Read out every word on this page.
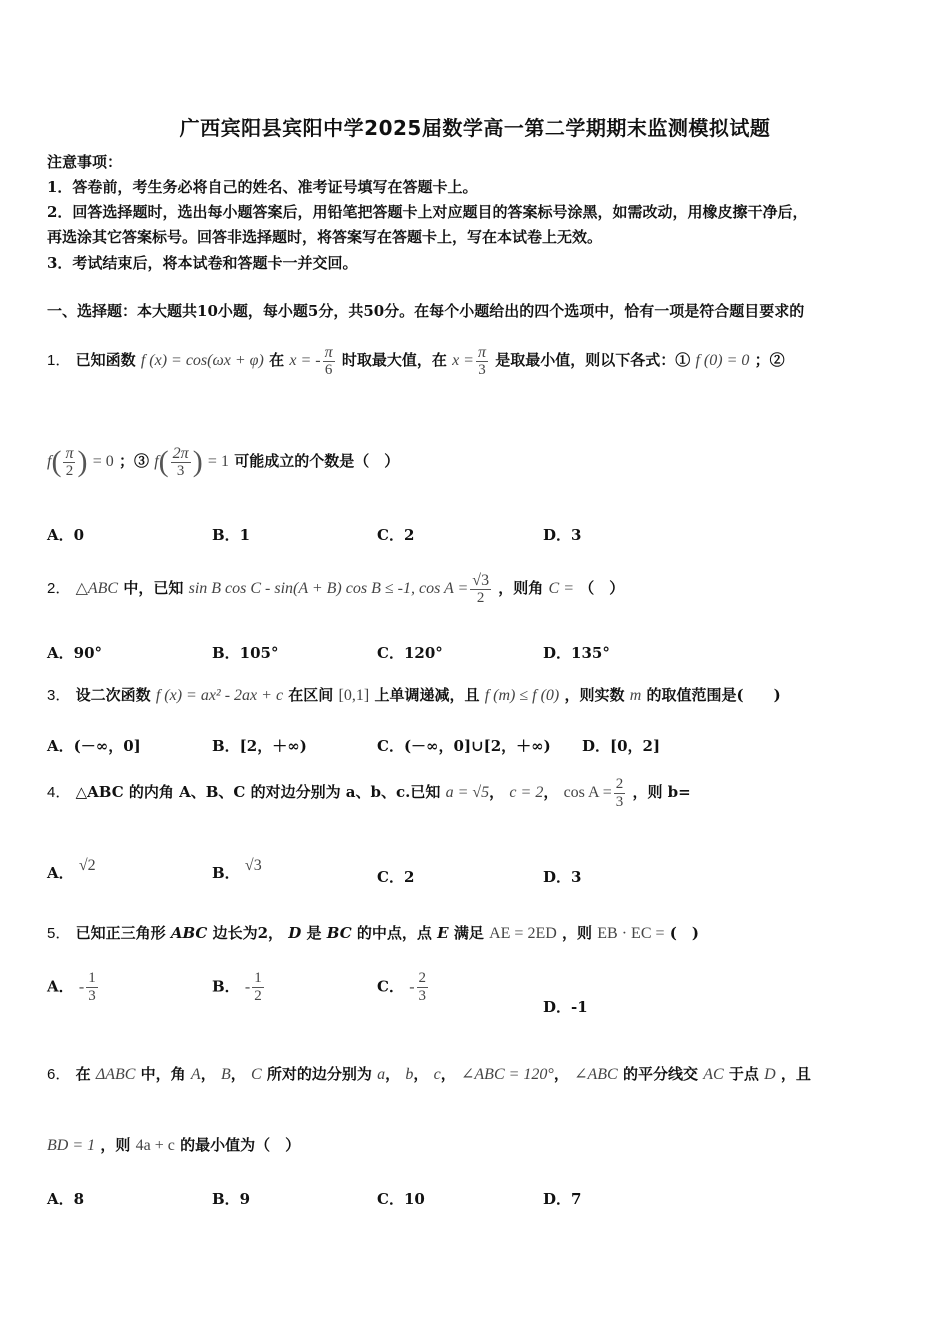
广西宾阳县宾阳中学2025届数学高一第二学期期末监测模拟试题
注意事项：
1．答卷前，考生务必将自己的姓名、准考证号填写在答题卡上。
2．回答选择题时，选出每小题答案后，用铅笔把答题卡上对应题目的答案标号涂黑，如需改动，用橡皮擦干净后，
再选涂其它答案标号。回答非选择题时，将答案写在答题卡上，写在本试卷上无效。
3．考试结束后，将本试卷和答题卡一并交回。
一、选择题：本大题共10小题，每小题5分，共50分。在每个小题给出的四个选项中，恰有一项是符合题目要求的
1． 已知函数 f (x) = cos(ωx + φ) 在 x = - $\frac{\pi}{6}$ 时取最大值，在 $x = \frac{\pi}{3}$ 是取最小值，则以下各式：① f (0) = 0 ；②
$f( \frac{\pi}{2}$ ) = 0 ；③ $f( \frac{2\pi}{3}$ ) = 1 可能成立的个数是（　）
A．0	B．1	C．2	D．3
2． △ABC 中，已知 sin B cos C - sin(A + B) cos B ≤ -1, $\cos A = \frac{√3}{2}$ ，则角 C = （　）
A．90°	B．105°	C．120°	D．135°
3． 设二次函数 f (x) = ax² - 2ax + c 在区间 [0,1] 上单调递减，且 f (m) ≤ f (0) ，则实数 m 的取值范围是(　　)
A．(－∞，0]	B．[2，＋∞)	C．(－∞，0]∪[2，＋∞) D．[0，2]
4． △ABC 的内角 A、B、C 的对边分别为 a、b、c.已知 a = √5， c = 2， $\cos A = \frac{2}{3}$ ，则 b=
A． √2	B． √3
C．2	D．3
5． 已知正三角形 ABC 边长为2， D 是 BC 的中点，点 E 满足 AE = 2ED ，则 EB · EC = (　)
A． - $\frac{1}{3}$	B． - $\frac{1}{2}$	C． - $\frac{2}{3}$
D．-1
6． 在 ΔABC 中，角 A， B， C 所对的边分别为 a， b， c， ∠ABC = 120°， ∠ABC 的平分线交 AC 于点 D ，且
BD = 1 ，则 4a + c 的最小值为（　）
A．8	B．9	C．10	D．7
